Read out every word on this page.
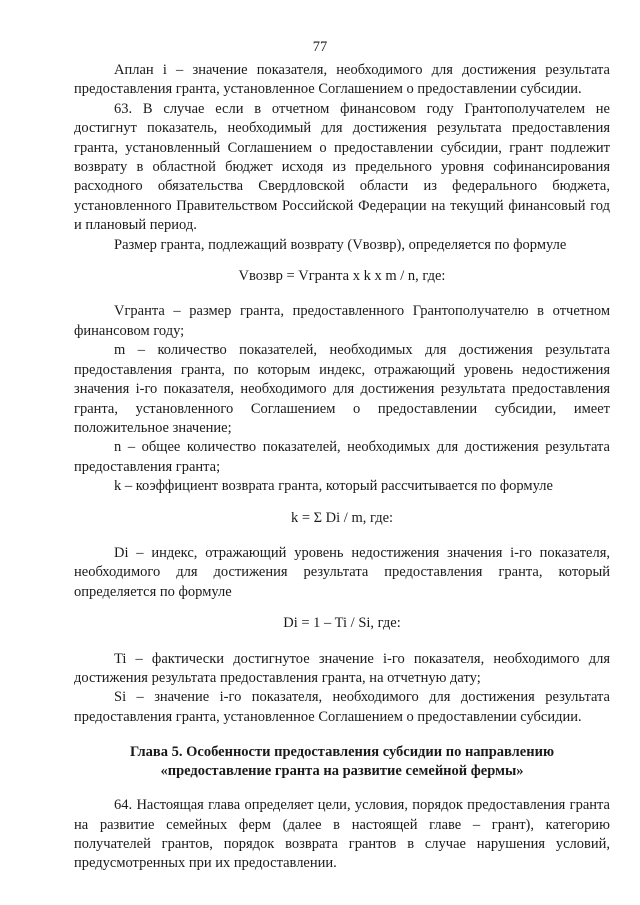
77

Аплан i – значение показателя, необходимого для достижения результата предоставления гранта, установленное Соглашением о предоставлении субсидии.

63. В случае если в отчетном финансовом году Грантополучателем не достигнут показатель, необходимый для достижения результата предоставления гранта, установленный Соглашением о предоставлении субсидии, грант подлежит возврату в областной бюджет исходя из предельного уровня софинансирования расходного обязательства Свердловской области из федерального бюджета, установленного Правительством Российской Федерации на текущий финансовый год и плановый период.

Размер гранта, подлежащий возврату (Vвозвр), определяется по формуле

Vвозвр = Vгранта x k x m / n, где:

Vгранта – размер гранта, предоставленного Грантополучателю в отчетном финансовом году;

m – количество показателей, необходимых для достижения результата предоставления гранта, по которым индекс, отражающий уровень недостижения значения i-го показателя, необходимого для достижения результата предоставления гранта, установленного Соглашением о предоставлении субсидии, имеет положительное значение;

n – общее количество показателей, необходимых для достижения результата предоставления гранта;

k – коэффициент возврата гранта, который рассчитывается по формуле

k = Σ Di / m, где:

Di – индекс, отражающий уровень недостижения значения i-го показателя, необходимого для достижения результата предоставления гранта, который определяется по формуле

Di = 1 – Ti / Si, где:

Ti – фактически достигнутое значение i-го показателя, необходимого для достижения результата предоставления гранта, на отчетную дату;

Si – значение i-го показателя, необходимого для достижения результата предоставления гранта, установленное Соглашением о предоставлении субсидии.

Глава 5. Особенности предоставления субсидии по направлению
«предоставление гранта на развитие семейной фермы»

64. Настоящая глава определяет цели, условия, порядок предоставления гранта на развитие семейных ферм (далее в настоящей главе – грант), категорию получателей грантов, порядок возврата грантов в случае нарушения условий, предусмотренных при их предоставлении.
